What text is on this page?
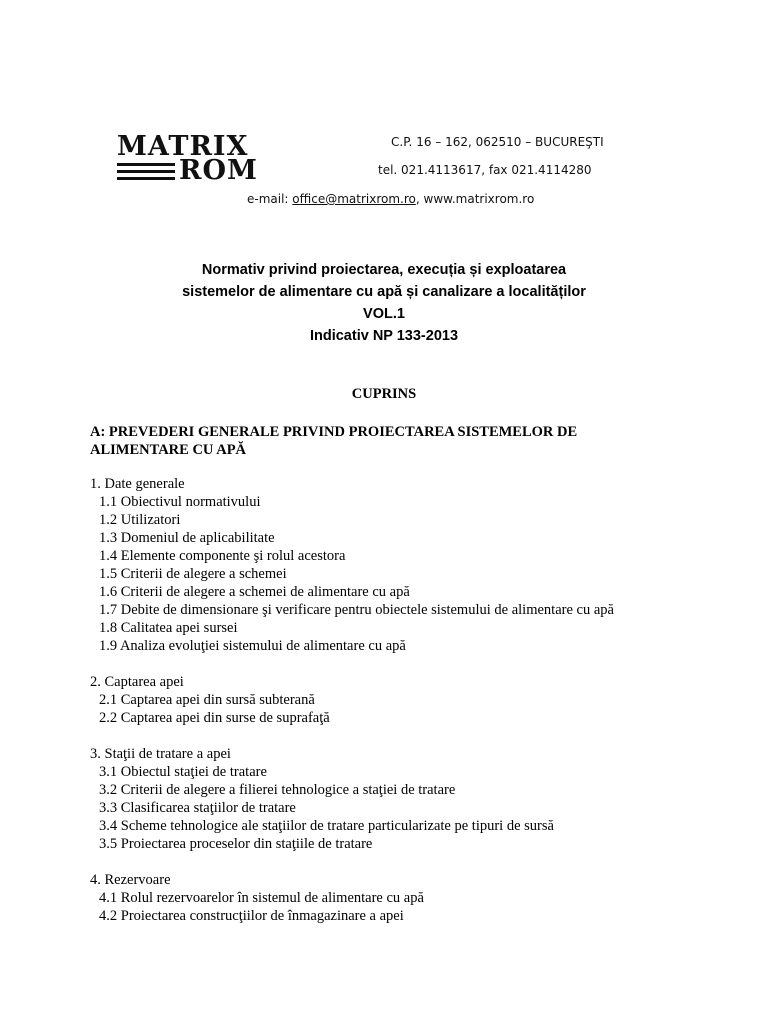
MATRIX
ROM
C.P. 16 – 162, 062510 – BUCUREŞTI
tel. 021.4113617, fax 021.4114280
e-mail: office@matrixrom.ro, www.matrixrom.ro
Normativ privind proiectarea, execuția și exploatarea
sistemelor de alimentare cu apă și canalizare a localităților
VOL.1
Indicativ NP 133-2013
CUPRINS
A: PREVEDERI GENERALE PRIVIND PROIECTAREA SISTEMELOR DE ALIMENTARE CU APĂ
1. Date generale
1.1 Obiectivul normativului
1.2 Utilizatori
1.3 Domeniul de aplicabilitate
1.4 Elemente componente şi rolul acestora
1.5 Criterii de alegere a schemei
1.6 Criterii de alegere a schemei de alimentare cu apă
1.7 Debite de dimensionare şi verificare pentru obiectele sistemului de alimentare cu apă
1.8 Calitatea apei sursei
1.9 Analiza evoluţiei sistemului de alimentare cu apă
2. Captarea apei
2.1 Captarea apei din sursă subterană
2.2 Captarea apei din surse de suprafaţă
3. Staţii de tratare a apei
3.1 Obiectul staţiei de tratare
3.2 Criterii de alegere a filierei tehnologice a staţiei de tratare
3.3 Clasificarea staţiilor de tratare
3.4 Scheme tehnologice ale staţiilor de tratare particularizate pe tipuri de sursă
3.5 Proiectarea proceselor din staţiile de tratare
4. Rezervoare
4.1 Rolul rezervoarelor în sistemul de alimentare cu apă
4.2 Proiectarea construcţiilor de înmagazinare a apei
